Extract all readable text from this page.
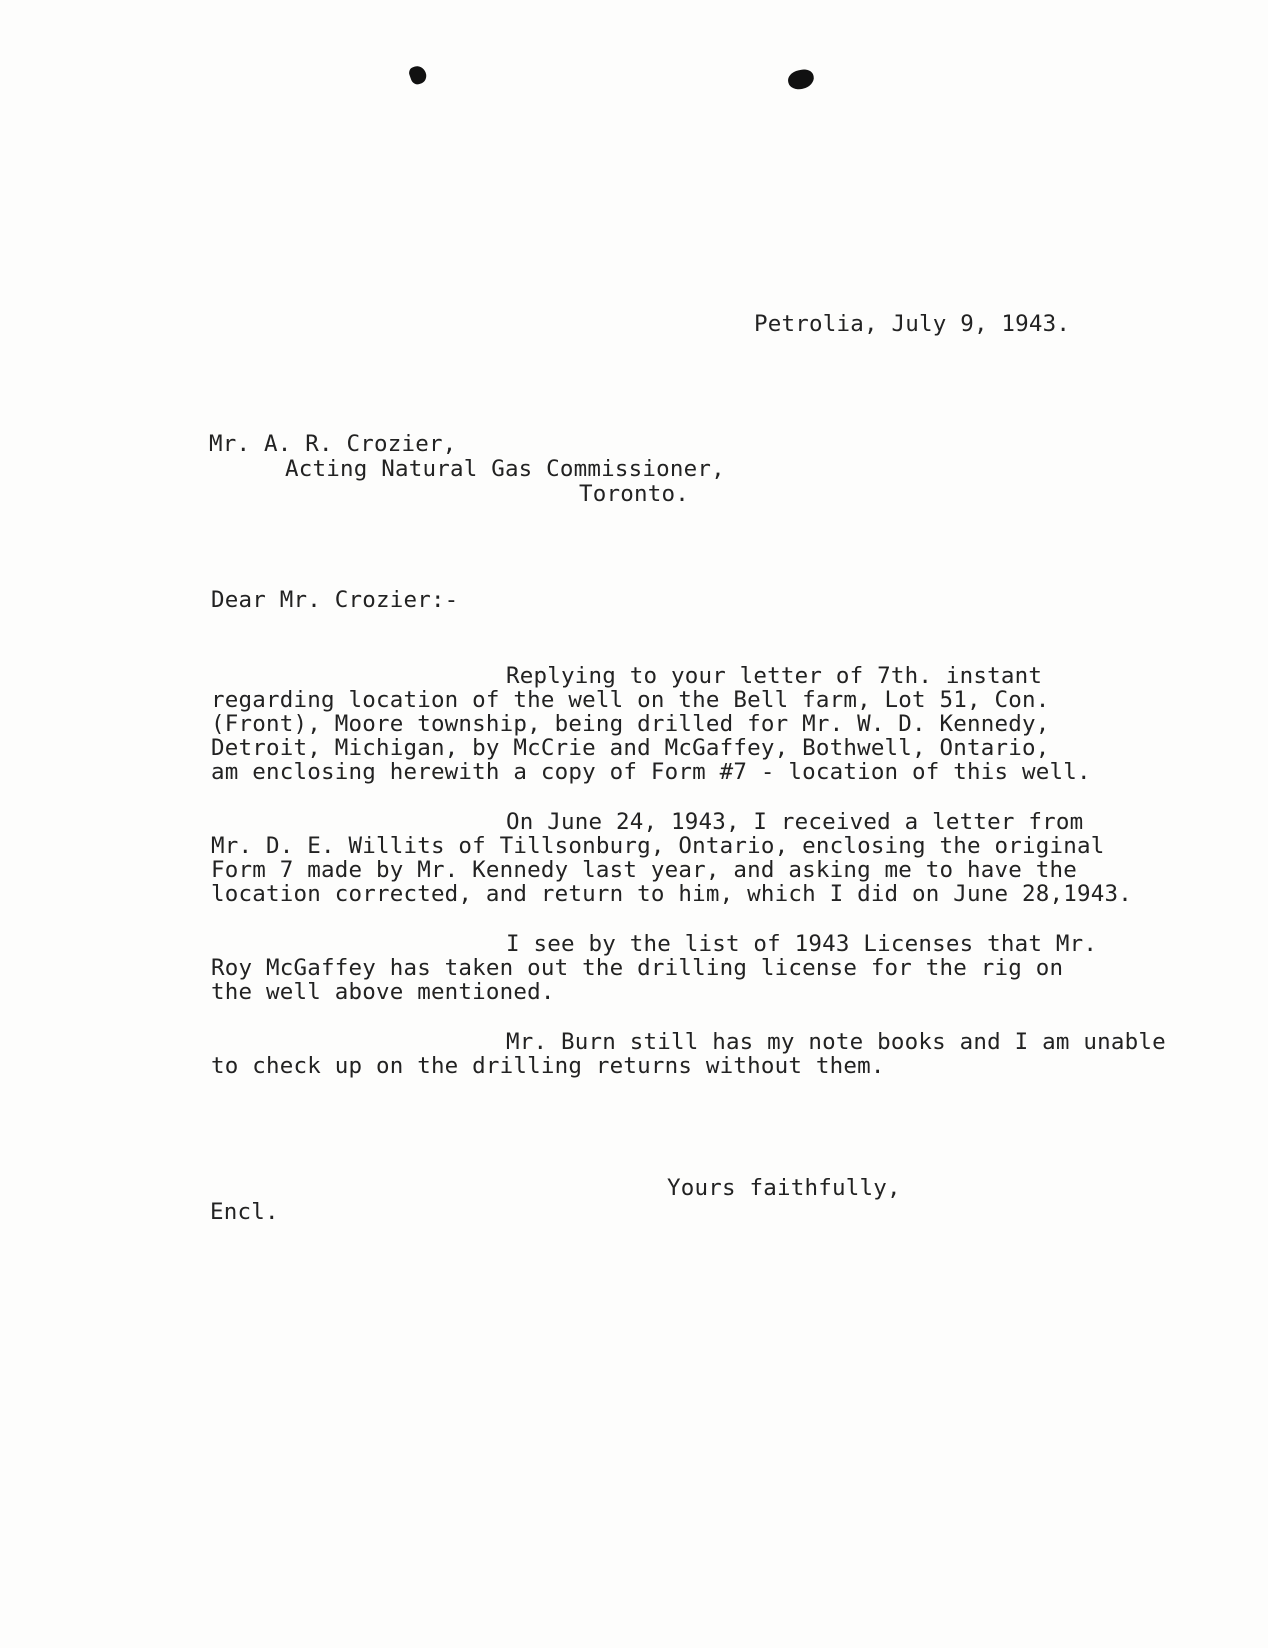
Petrolia, July 9, 1943.
Mr. A. R. Crozier,
Acting Natural Gas Commissioner,
Toronto.
Dear Mr. Crozier:-
Replying to your letter of 7th. instant
regarding location of the well on the Bell farm, Lot 51, Con.
(Front), Moore township, being drilled for Mr. W. D. Kennedy,
Detroit, Michigan, by McCrie and McGaffey, Bothwell, Ontario,
am enclosing herewith a copy of Form #7 - location of this well.
On June 24, 1943, I received a letter from
Mr. D. E. Willits of Tillsonburg, Ontario, enclosing the original
Form 7 made by Mr. Kennedy last year, and asking me to have the
location corrected, and return to him, which I did on June 28,1943.
I see by the list of 1943 Licenses that Mr.
Roy McGaffey has taken out the drilling license for the rig on
the well above mentioned.
Mr. Burn still has my note books and I am unable
to check up on the drilling returns without them.
Yours faithfully,
Encl.
